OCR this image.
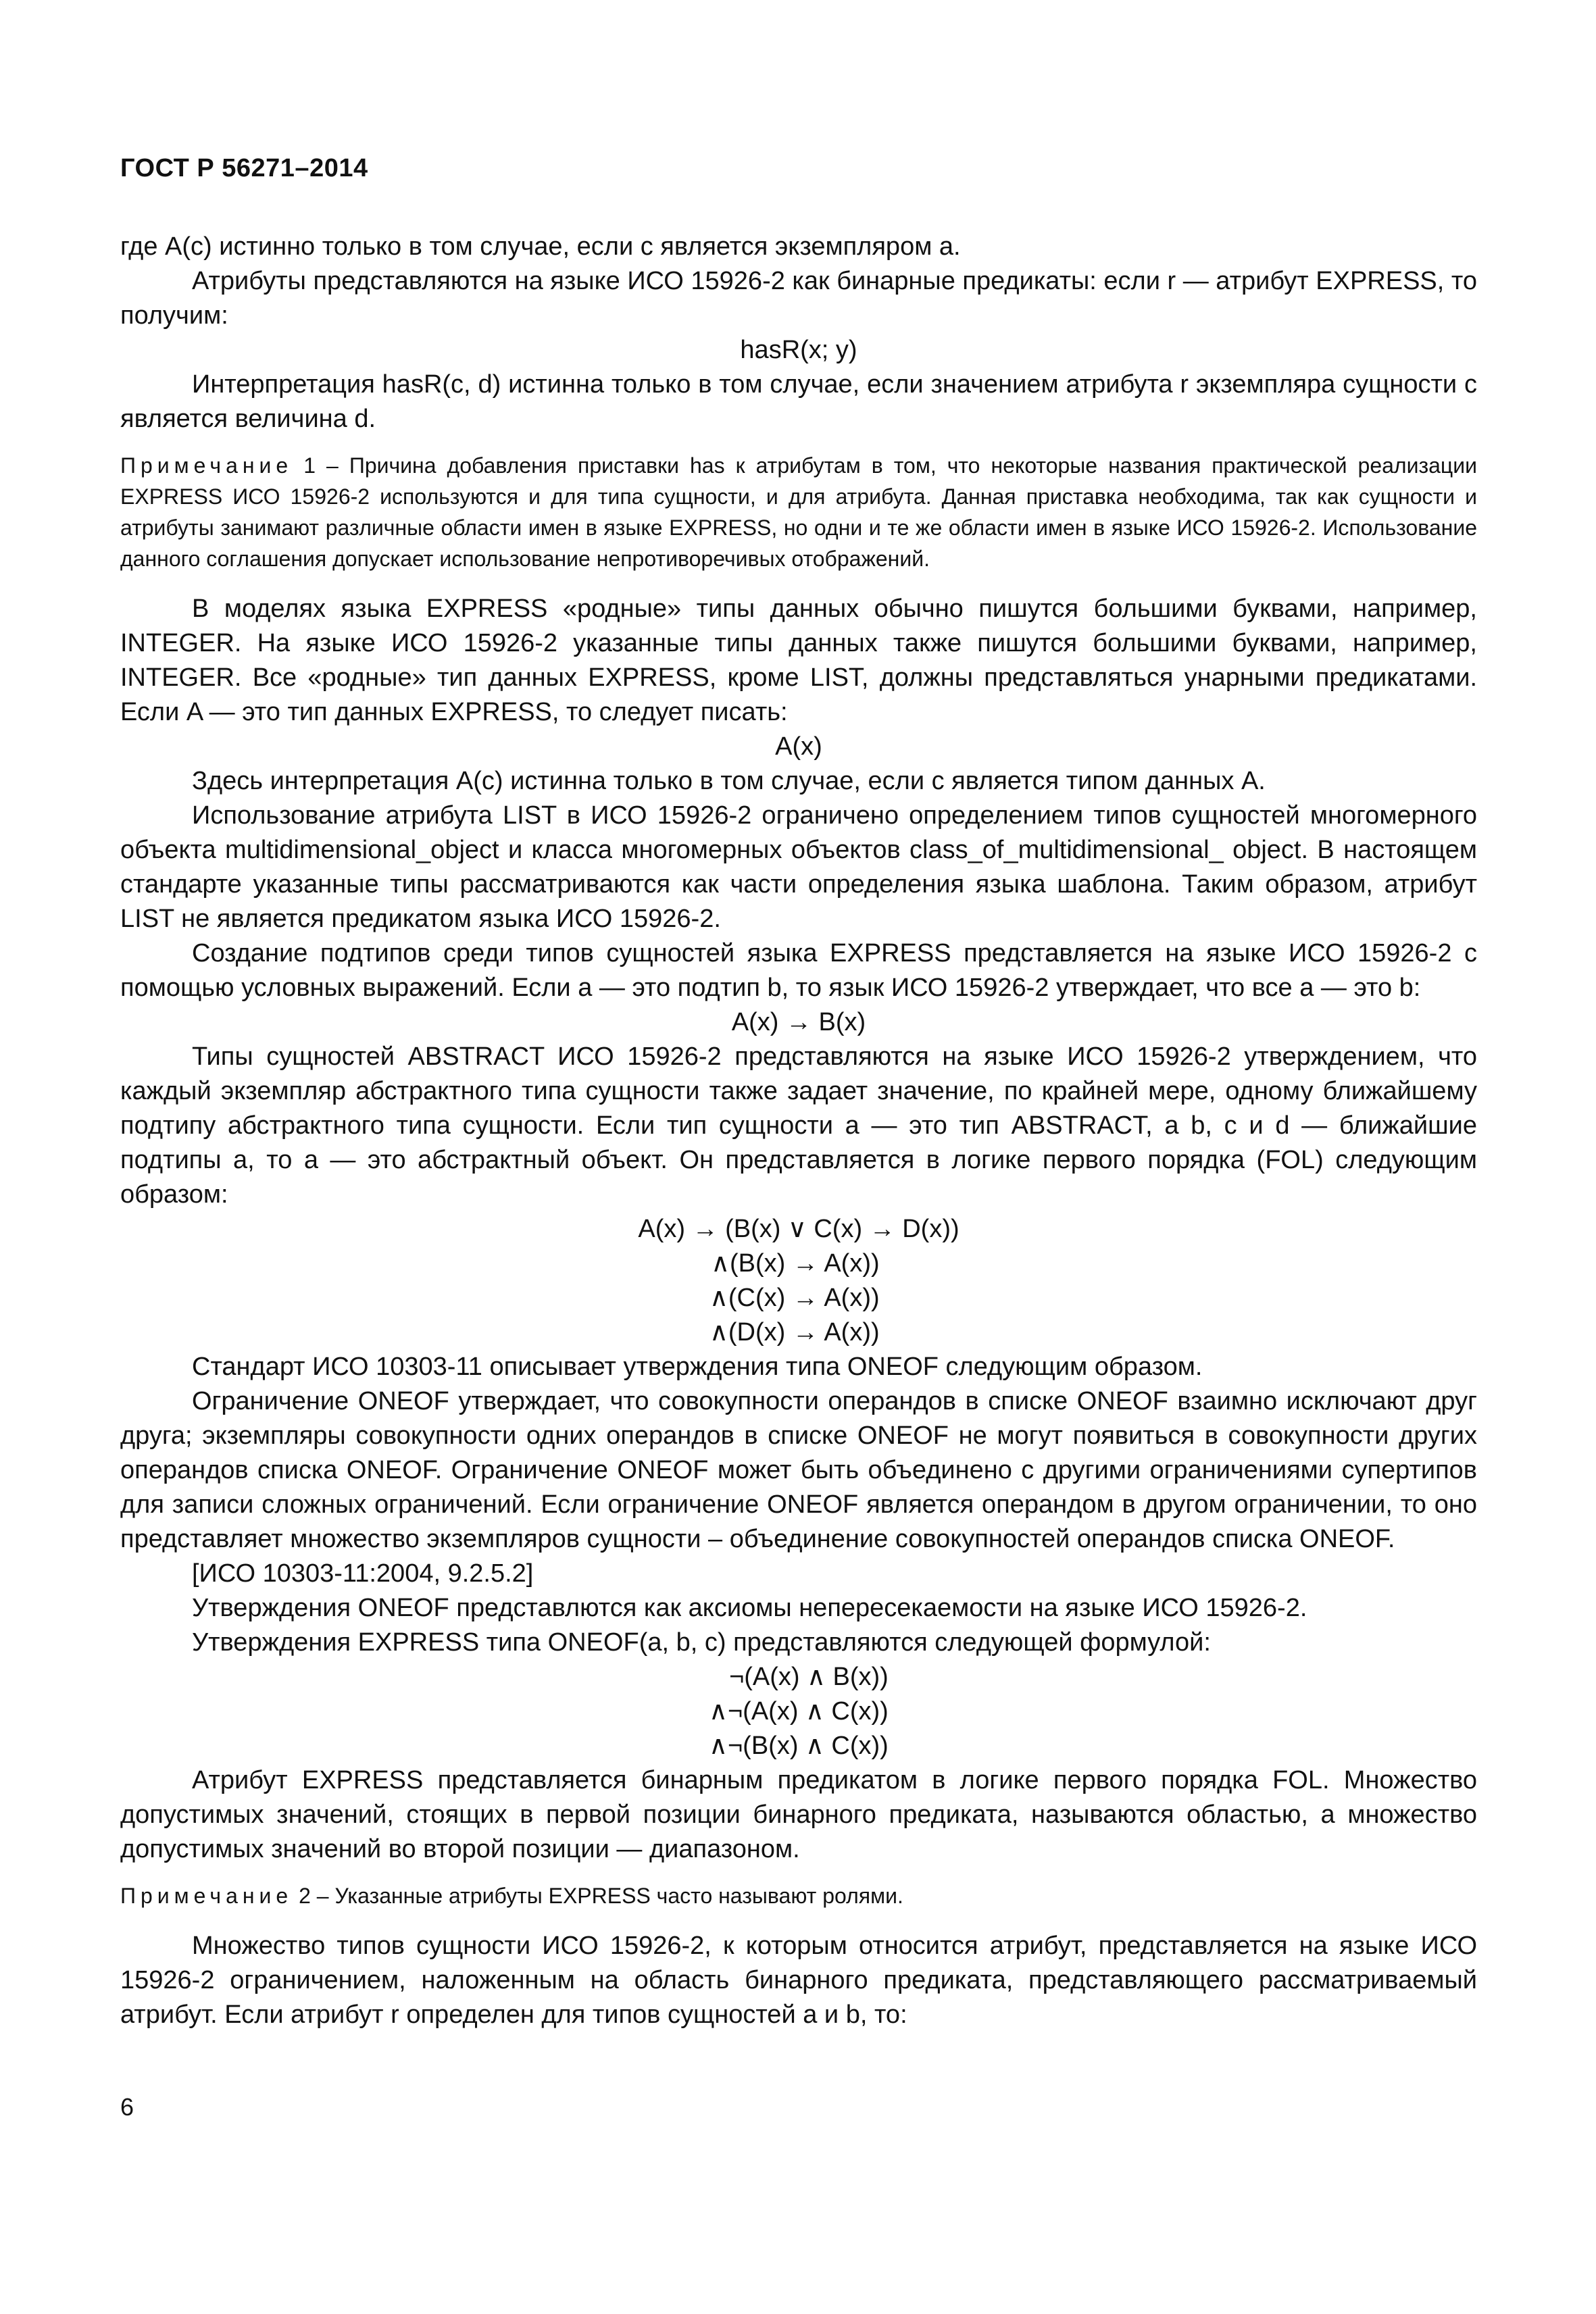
ГОСТ Р 56271–2014

где A(c) истинно только в том случае, если c является экземпляром a.

Атрибуты представляются на языке ИСО 15926-2 как бинарные предикаты: если r — атрибут EXPRESS, то получим:

hasR(x; y)

Интерпретация hasR(c, d) истинна только в том случае, если значением атрибута r экземпляра сущности c является величина d.

Примечание 1 – Причина добавления приставки has к атрибутам в том, что некоторые названия практической реализации EXPRESS ИСО 15926-2 используются и для типа сущности, и для атрибута. Данная приставка необходима, так как сущности и атрибуты занимают различные области имен в языке EXPRESS, но одни и те же области имен в языке ИСО 15926-2. Использование данного соглашения допускает использование непротиворечивых отображений.

В моделях языка EXPRESS «родные» типы данных обычно пишутся большими буквами, например, INTEGER. На языке ИСО 15926-2 указанные типы данных также пишутся большими буквами, например, INTEGER. Все «родные» тип данных EXPRESS, кроме LIST, должны представляться унарными предикатами. Если A — это тип данных EXPRESS, то следует писать:

A(x)

Здесь интерпретация A(c) истинна только в том случае, если c является типом данных A.

Использование атрибута LIST в ИСО 15926-2 ограничено определением типов сущностей многомерного объекта multidimensional_object и класса многомерных объектов class_of_multidimensional_ object. В настоящем стандарте указанные типы рассматриваются как части определения языка шаблона. Таким образом, атрибут LIST не является предикатом языка ИСО 15926-2.

Создание подтипов среди типов сущностей языка EXPRESS представляется на языке ИСО 15926-2 с помощью условных выражений. Если a — это подтип b, то язык ИСО 15926-2 утверждает, что все a — это b:

A(x) → B(x)

Типы сущностей ABSTRACT ИСО 15926-2 представляются на языке ИСО 15926-2 утверждением, что каждый экземпляр абстрактного типа сущности также задает значение, по крайней мере, одному ближайшему подтипу абстрактного типа сущности. Если тип сущности a — это тип ABSTRACT, a b, c и d — ближайшие подтипы a, то a — это абстрактный объект. Он представляется в логике первого порядка (FOL) следующим образом:

A(x) → (B(x) ∨ C(x) → D(x))
∧(B(x) → A(x))
∧(C(x) → A(x))
∧(D(x) → A(x))

Стандарт ИСО 10303-11 описывает утверждения типа ONEOF следующим образом.

Ограничение ONEOF утверждает, что совокупности операндов в списке ONEOF взаимно исключают друг друга; экземпляры совокупности одних операндов в списке ONEOF не могут появиться в совокупности других операндов списка ONEOF. Ограничение ONEOF может быть объединено с другими ограничениями супертипов для записи сложных ограничений. Если ограничение ONEOF является операндом в другом ограничении, то оно представляет множество экземпляров сущности – объединение совокупностей операндов списка ONEOF.

[ИСО 10303-11:2004, 9.2.5.2]

Утверждения ONEOF представлются как аксиомы непересекаемости на языке ИСО 15926-2.

Утверждения EXPRESS типа ONEOF(a, b, c) представляются следующей формулой:

¬(A(x) ∧ B(x))
∧¬(A(x) ∧ C(x))
∧¬(B(x) ∧ C(x))

Атрибут EXPRESS представляется бинарным предикатом в логике первого порядка FOL. Множество допустимых значений, стоящих в первой позиции бинарного предиката, называются областью, а множество допустимых значений во второй позиции — диапазоном.

Примечание 2 – Указанные атрибуты EXPRESS часто называют ролями.

Множество типов сущности ИСО 15926-2, к которым относится атрибут, представляется на языке ИСО 15926-2 ограничением, наложенным на область бинарного предиката, представляющего рассматриваемый атрибут. Если атрибут r определен для типов сущностей a и b, то:

6
